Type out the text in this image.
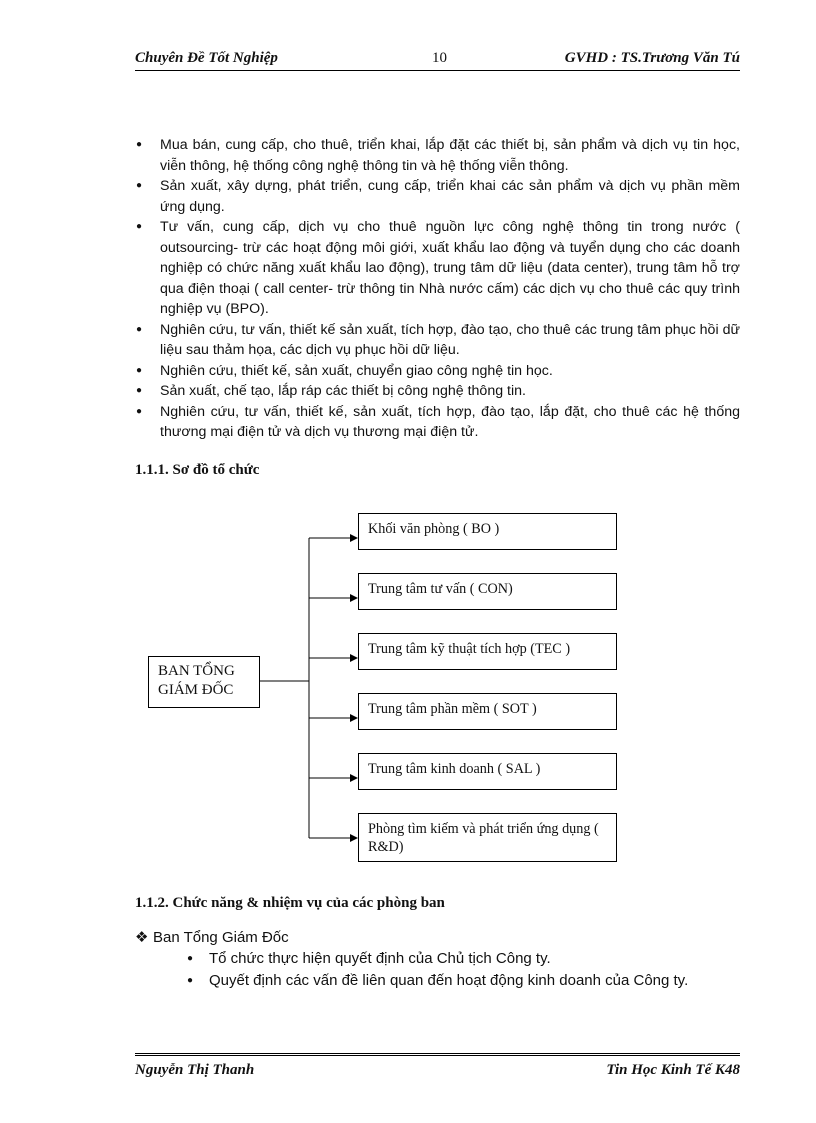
Chuyên Đề Tốt Nghiệp	10	GVHD : TS.Trương Văn Tú
● Mua bán, cung cấp, cho thuê, triển khai, lắp đặt các thiết bị, sản phẩm và dịch vụ tin học, viễn thông, hệ thống công nghệ thông tin và hệ thống viễn thông.
● Sản xuất, xây dựng, phát triển, cung cấp, triển khai các sản phẩm và dịch vụ phần mềm ứng dụng.
● Tư vấn, cung cấp, dịch vụ cho thuê nguồn lực công nghệ thông tin trong nước ( outsourcing- trừ các hoạt động môi giới, xuất khẩu lao động và tuyển dụng cho các doanh nghiệp có chức năng xuất khẩu lao động), trung tâm dữ liệu (data center), trung tâm hỗ trợ qua điện thoại ( call center- trừ thông tin Nhà nước cấm) các dịch vụ cho thuê các quy trình nghiệp vụ (BPO).
● Nghiên cứu, tư vấn, thiết kế sản xuất, tích hợp, đào tạo, cho thuê các trung tâm phục hồi dữ liệu sau thảm họa, các dịch vụ phục hồi dữ liệu.
● Nghiên cứu, thiết kế, sản xuất, chuyển giao công nghệ tin học.
● Sản xuất, chế tạo, lắp ráp các thiết bị công nghệ thông tin.
● Nghiên cứu, tư vấn, thiết kế, sản xuất, tích hợp, đào tạo, lắp đặt, cho thuê các hệ thống thương mại điện tử và dịch vụ thương mại điện tử.
1.1.1. Sơ đồ tổ chức
BAN TỔNG GIÁM ĐỐC
Khối văn phòng ( BO )
Trung tâm tư vấn ( CON)
Trung tâm kỹ thuật tích hợp (TEC )
Trung tâm phần mềm ( SOT )
Trung tâm kinh doanh ( SAL )
Phòng tìm kiếm và phát triển ứng dụng ( R&D)
1.1.2. Chức năng & nhiệm vụ của các phòng ban
❖ Ban Tổng Giám Đốc
● Tổ chức thực hiện quyết định của Chủ tịch Công ty.
● Quyết định các vấn đề liên quan đến hoạt động kinh doanh của Công ty.
Nguyễn Thị Thanh	Tin Học Kinh Tế K48
